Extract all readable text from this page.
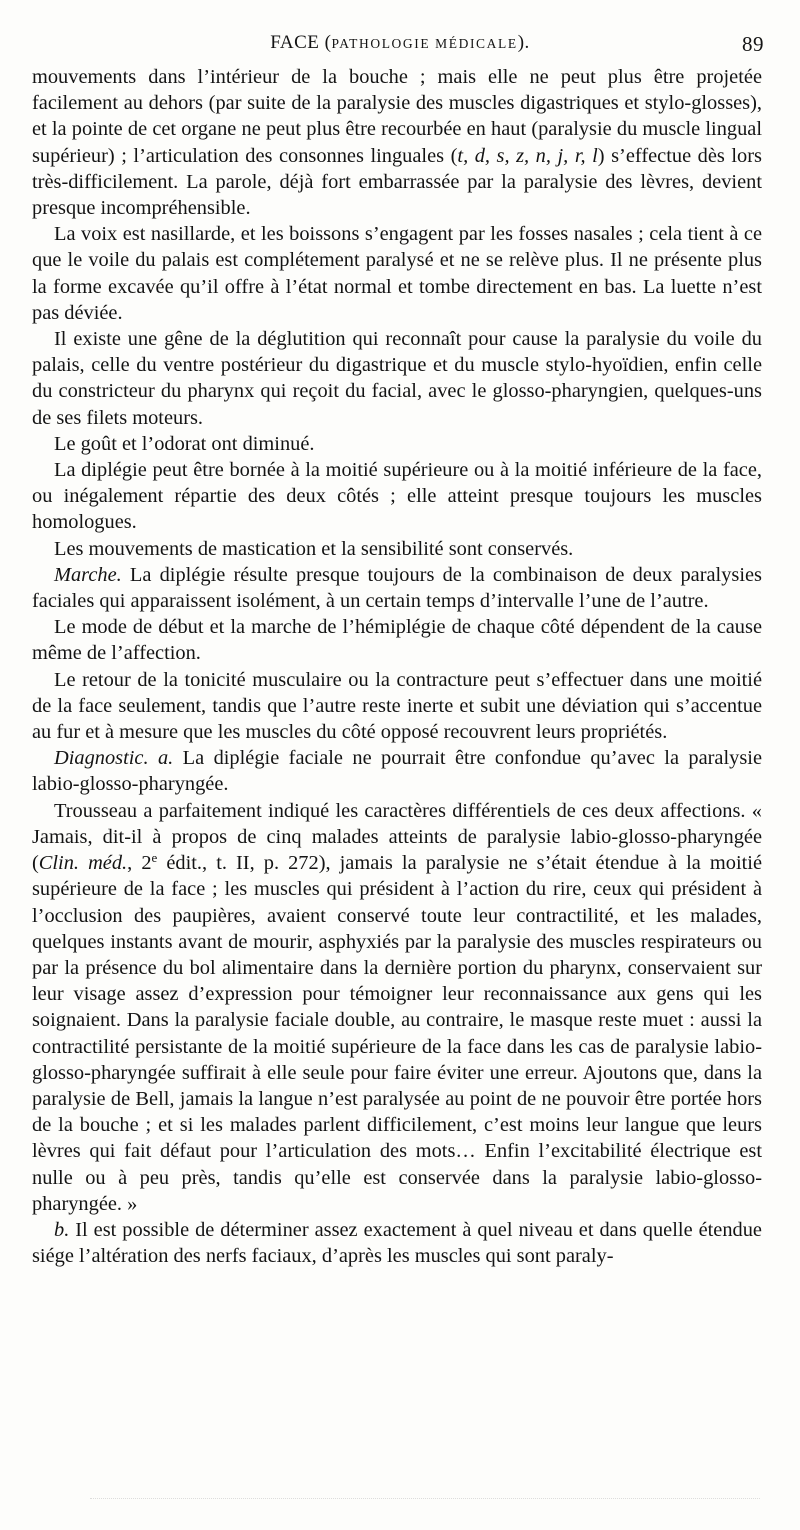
FACE (PATHOLOGIE MÉDICALE).	89

mouvements dans l’intérieur de la bouche ; mais elle ne peut plus être projetée facilement au dehors (par suite de la paralysie des muscles digastriques et stylo-glosses), et la pointe de cet organe ne peut plus être recourbée en haut (paralysie du muscle lingual supérieur) ; l’articulation des consonnes linguales (t, d, s, z, n, j, r, l) s’effectue dès lors très-difficilement. La parole, déjà fort embarrassée par la paralysie des lèvres, devient presque incompréhensible.

La voix est nasillarde, et les boissons s’engagent par les fosses nasales ; cela tient à ce que le voile du palais est complétement paralysé et ne se relève plus. Il ne présente plus la forme excavée qu’il offre à l’état normal et tombe directement en bas. La luette n’est pas déviée.

Il existe une gêne de la déglutition qui reconnaît pour cause la paralysie du voile du palais, celle du ventre postérieur du digastrique et du muscle stylo-hyoïdien, enfin celle du constricteur du pharynx qui reçoit du facial, avec le glosso-pharyngien, quelques-uns de ses filets moteurs.

Le goût et l’odorat ont diminué.

La diplégie peut être bornée à la moitié supérieure ou à la moitié inférieure de la face, ou inégalement répartie des deux côtés ; elle atteint presque toujours les muscles homologues.

Les mouvements de mastication et la sensibilité sont conservés.

Marche. La diplégie résulte presque toujours de la combinaison de deux paralysies faciales qui apparaissent isolément, à un certain temps d’intervalle l’une de l’autre.

Le mode de début et la marche de l’hémiplégie de chaque côté dépendent de la cause même de l’affection.

Le retour de la tonicité musculaire ou la contracture peut s’effectuer dans une moitié de la face seulement, tandis que l’autre reste inerte et subit une déviation qui s’accentue au fur et à mesure que les muscles du côté opposé recouvrent leurs propriétés.

Diagnostic. a. La diplégie faciale ne pourrait être confondue qu’avec la paralysie labio-glosso-pharyngée.

Trousseau a parfaitement indiqué les caractères différentiels de ces deux affections. « Jamais, dit-il à propos de cinq malades atteints de paralysie labio-glosso-pharyngée (Clin. méd., 2e édit., t. II, p. 272), jamais la paralysie ne s’était étendue à la moitié supérieure de la face ; les muscles qui président à l’action du rire, ceux qui président à l’occlusion des paupières, avaient conservé toute leur contractilité, et les malades, quelques instants avant de mourir, asphyxiés par la paralysie des muscles respirateurs ou par la présence du bol alimentaire dans la dernière portion du pharynx, conservaient sur leur visage assez d’expression pour témoigner leur reconnaissance aux gens qui les soignaient. Dans la paralysie faciale double, au contraire, le masque reste muet : aussi la contractilité persistante de la moitié supérieure de la face dans les cas de paralysie labio-glosso-pharyngée suffirait à elle seule pour faire éviter une erreur. Ajoutons que, dans la paralysie de Bell, jamais la langue n’est paralysée au point de ne pouvoir être portée hors de la bouche ; et si les malades parlent difficilement, c’est moins leur langue que leurs lèvres qui fait défaut pour l’articulation des mots… Enfin l’excitabilité électrique est nulle ou à peu près, tandis qu’elle est conservée dans la paralysie labio-glosso-pharyngée. »

b. Il est possible de déterminer assez exactement à quel niveau et dans quelle étendue siége l’altération des nerfs faciaux, d’après les muscles qui sont paraly-
